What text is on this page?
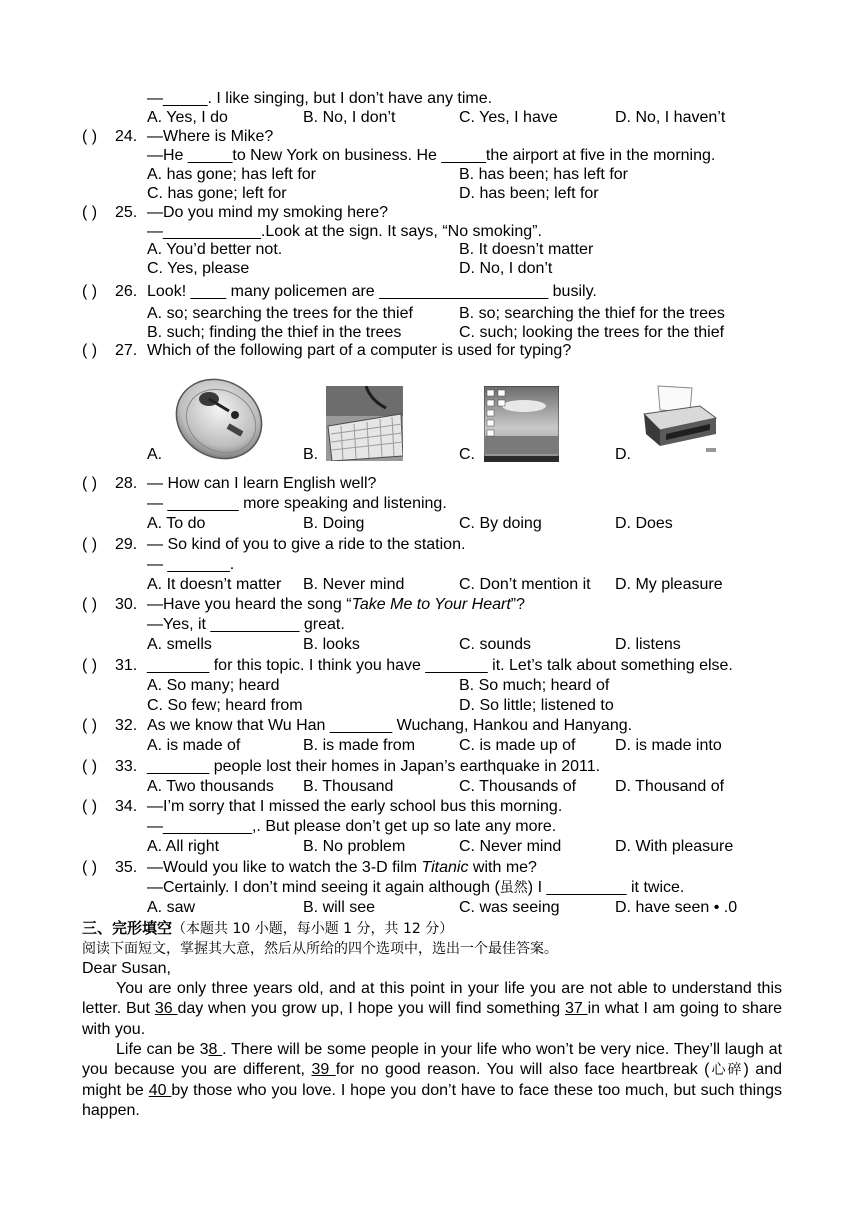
—_____. I like singing, but I don’t have any time.
A. Yes, I do	B. No, I don’t	C. Yes, I have	D. No, I haven’t
( ) 24. —Where is Mike?
—He _____to New York on business. He _____the airport at five in the morning.
A. has gone; has left for	B. has been; has left for
C. has gone; left for	D. has been; left for
( ) 25. —Do you mind my smoking here?
—___________.Look at the sign. It says, “No smoking”.
A. You’d better not.	B. It doesn’t matter
C. Yes, please	D. No, I don’t
( ) 26. Look! ____ many policemen are ___________________ busily.
A. so; searching the trees for the thief	B. so; searching the thief for the trees
B. such; finding the thief in the trees	C. such; looking the trees for the thief
( ) 27. Which of the following part of a computer is used for typing?
A.	B.	C.	D.
( ) 28. — How can I learn English well?
— ________ more speaking and listening.
A. To do	B. Doing	C. By doing	D. Does
( ) 29. — So kind of you to give a ride to the station.
— _______.
A. It doesn’t matter B. Never mind	C. Don’t mention it D. My pleasure
( ) 30. —Have you heard the song “Take Me to Your Heart”?
—Yes, it __________ great.
A. smells	B. looks	C. sounds	D. listens
( ) 31. _______ for this topic. I think you have _______ it. Let’s talk about something else.
A. So many; heard	B. So much; heard of
C. So few; heard from	D. So little; listened to
( ) 32. As we know that Wu Han _______ Wuchang, Hankou and Hanyang.
A. is made of	B. is made from	C. is made up of D. is made into
( ) 33. _______ people lost their homes in Japan’s earthquake in 2011.
A. Two thousands B. Thousand	C. Thousands of D. Thousand of
( ) 34. —I’m sorry that I missed the early school bus this morning.
—__________,. But please don’t get up so late any more.
A. All right	B. No problem	C. Never mind	D. With pleasure
( ) 35. —Would you like to watch the 3-D film Titanic with me?
—Certainly. I don’t mind seeing it again although (虽然) I _________ it twice.
A. saw	B. will see	C. was seeing	D. have seen • .0
三、完形填空（本题共 10 小题，每小题 1 分，共 12 分）
阅读下面短文，掌握其大意，然后从所给的四个选项中，选出一个最佳答案。
Dear Susan,
You are only three years old, and at this point in your life you are not able to understand this letter. But 36 day when you grow up, I hope you will find something 37 in what I am going to share with you.
Life can be 38 . There will be some people in your life who won’t be very nice. They’ll laugh at you because you are different, 39 for no good reason. You will also face heartbreak (心碎) and might be 40 by those who you love. I hope you don’t have to face these too much, but such things happen.
